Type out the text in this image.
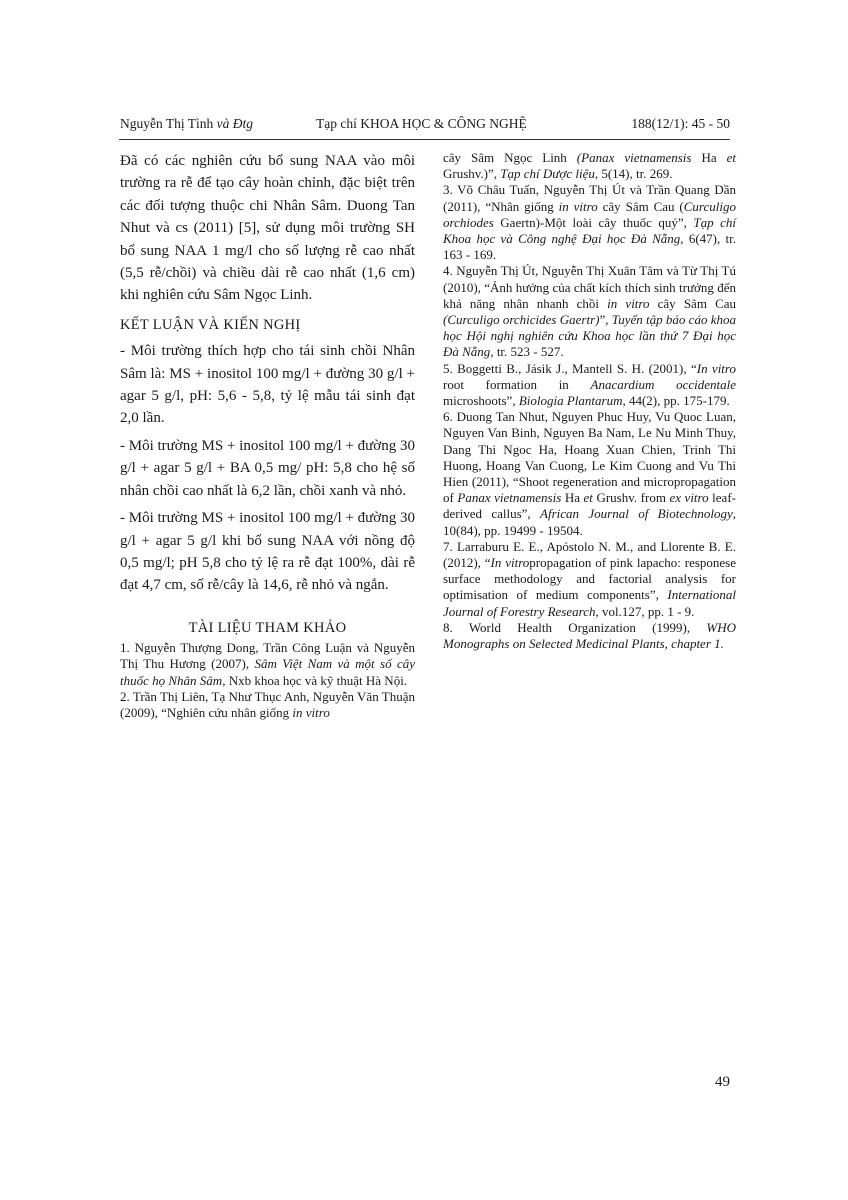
Nguyễn Thị Tình và Đtg	Tạp chí KHOA HỌC & CÔNG NGHỆ	188(12/1): 45 - 50

Đã có các nghiên cứu bổ sung NAA vào môi trường ra rễ để tạo cây hoàn chỉnh, đặc biệt trên các đối tượng thuộc chi Nhân Sâm. Duong Tan Nhut và cs (2011) [5], sử dụng môi trường SH bổ sung NAA 1 mg/l cho số lượng rễ cao nhất (5,5 rễ/chồi) và chiều dài rễ cao nhất (1,6 cm) khi nghiên cứu Sâm Ngọc Linh.

KẾT LUẬN VÀ KIẾN NGHỊ

- Môi trường thích hợp cho tái sinh chồi Nhân Sâm là: MS + inositol 100 mg/l + đường 30 g/l + agar 5 g/l, pH: 5,6 - 5,8, tỷ lệ mẫu tái sinh đạt 2,0 lần.

- Môi trường MS + inositol 100 mg/l + đường 30 g/l + agar 5 g/l + BA 0,5 mg/ pH: 5,8 cho hệ số nhân chồi cao nhất là 6,2 lần, chồi xanh và nhỏ.

- Môi trường MS + inositol 100 mg/l + đường 30 g/l + agar 5 g/l khi bổ sung NAA với nồng độ 0,5 mg/l; pH 5,8 cho tỷ lệ ra rễ đạt 100%, dài rễ đạt 4,7 cm, số rễ/cây là 14,6, rễ nhỏ và ngắn.

TÀI LIỆU THAM KHẢO

1. Nguyễn Thượng Dong, Trần Công Luận và Nguyễn Thị Thu Hương (2007), Sâm Việt Nam và một số cây thuốc họ Nhân Sâm, Nxb khoa học và kỹ thuật Hà Nội.

2. Trần Thị Liên, Tạ Như Thục Anh, Nguyễn Văn Thuận (2009), “Nghiên cứu nhân giống in vitro

cây Sâm Ngọc Linh (Panax vietnamensis Ha et Grushv.)”, Tạp chí Dược liệu, 5(14), tr. 269.

3. Võ Châu Tuấn, Nguyễn Thị Út và Trần Quang Dần (2011), “Nhân giống in vitro cây Sâm Cau (Curculigo orchiodes Gaertn)-Một loài cây thuốc quý”, Tạp chí Khoa học và Công nghệ Đại học Đà Nẵng, 6(47), tr. 163 - 169.

4. Nguyễn Thị Út, Nguyễn Thị Xuân Tâm và Từ Thị Tú (2010), “Ảnh hưởng của chất kích thích sinh trưởng đến khả năng nhân nhanh chồi in vitro cây Sâm Cau (Curculigo orchicides Gaertr)”, Tuyển tập báo cáo khoa học Hội nghị nghiên cứu Khoa học lần thứ 7 Đại học Đà Nẵng, tr. 523 - 527.

5. Boggetti B., Jásik J., Mantell S. H. (2001), “In vitro root formation in Anacardium occidentale microshoots”, Biologia Plantarum, 44(2), pp. 175-179.

6. Duong Tan Nhut, Nguyen Phuc Huy, Vu Quoc Luan, Nguyen Van Binh, Nguyen Ba Nam, Le Nu Minh Thuy, Dang Thi Ngoc Ha, Hoang Xuan Chien, Trinh Thi Huong, Hoang Van Cuong, Le Kim Cuong and Vu Thi Hien (2011), “Shoot regeneration and micropropagation of Panax vietnamensis Ha et Grushv. from ex vitro leaf-derived callus”, African Journal of Biotechnology, 10(84), pp. 19499 - 19504.

7. Larraburu E. E., Apóstolo N. M., and Llorente B. E. (2012), “In vitropropagation of pink lapacho: responese surface methodology and factorial analysis for optimisation of medium components”, International Journal of Forestry Research, vol.127, pp. 1 - 9.

8. World Health Organization (1999), WHO Monographs on Selected Medicinal Plants, chapter 1.

49
